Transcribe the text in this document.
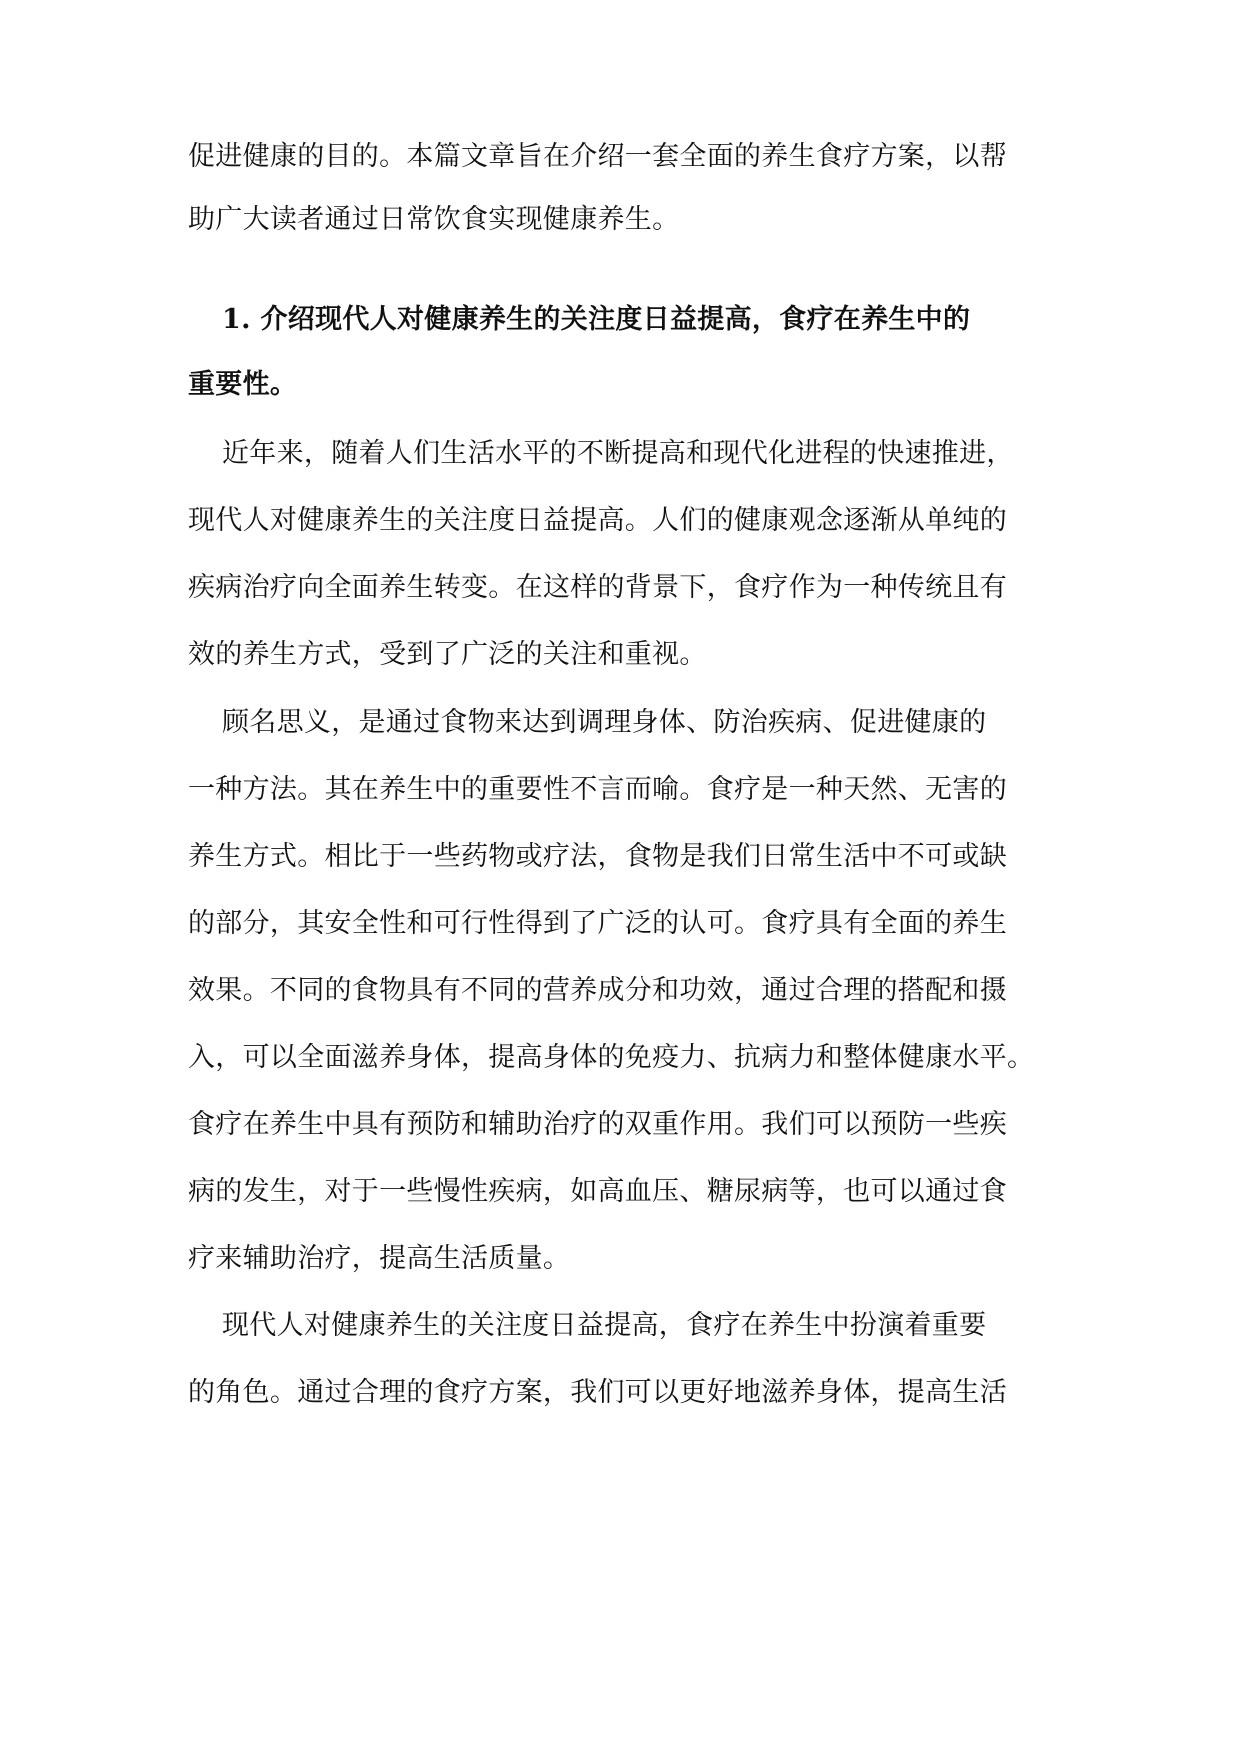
促进健康的目的。本篇文章旨在介绍一套全面的养生食疗方案，以帮
助广大读者通过日常饮食实现健康养生。
1. 介绍现代人对健康养生的关注度日益提高，食疗在养生中的
重要性。
近年来，随着人们生活水平的不断提高和现代化进程的快速推进，
现代人对健康养生的关注度日益提高。人们的健康观念逐渐从单纯的
疾病治疗向全面养生转变。在这样的背景下，食疗作为一种传统且有
效的养生方式，受到了广泛的关注和重视。
顾名思义，是通过食物来达到调理身体、防治疾病、促进健康的
一种方法。其在养生中的重要性不言而喻。食疗是一种天然、无害的
养生方式。相比于一些药物或疗法，食物是我们日常生活中不可或缺
的部分，其安全性和可行性得到了广泛的认可。食疗具有全面的养生
效果。不同的食物具有不同的营养成分和功效，通过合理的搭配和摄
入，可以全面滋养身体，提高身体的免疫力、抗病力和整体健康水平。
食疗在养生中具有预防和辅助治疗的双重作用。我们可以预防一些疾
病的发生，对于一些慢性疾病，如高血压、糖尿病等，也可以通过食
疗来辅助治疗，提高生活质量。
现代人对健康养生的关注度日益提高，食疗在养生中扮演着重要
的角色。通过合理的食疗方案，我们可以更好地滋养身体，提高生活
